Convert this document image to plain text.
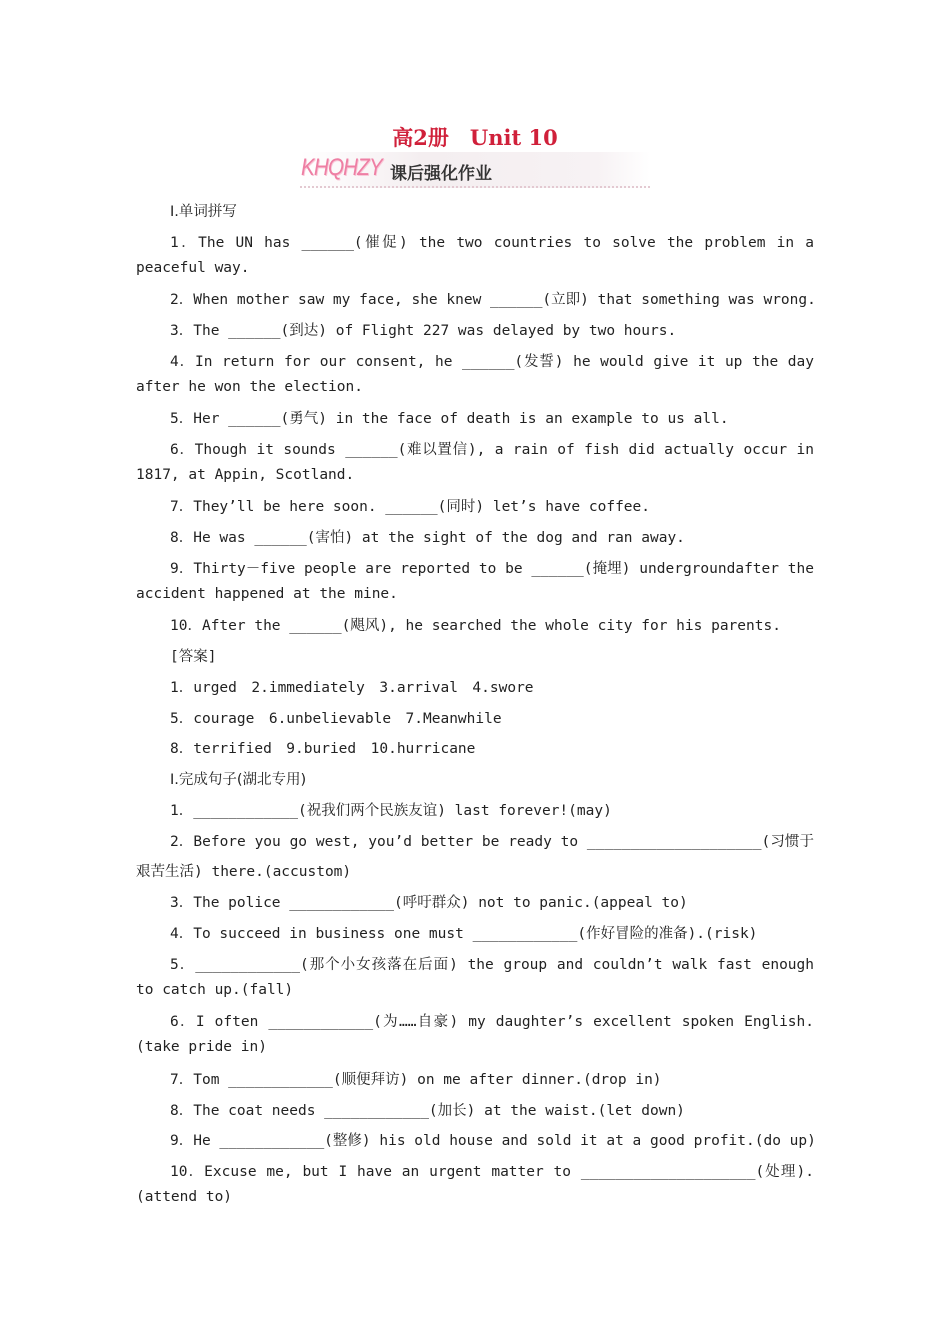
高2册　Unit 10
KHQHZY 课后强化作业
Ⅰ.单词拼写
1．The UN has ______(催促) the two countries to solve the problem in a
peaceful way.
2．When mother saw my face, she knew ______(立即) that something was wrong.
3．The ______(到达) of Flight 227 was delayed by two hours.
4．In return for our consent, he ______(发誓) he would give it up the day
after he won the election.
5．Her ______(勇气) in the face of death is an example to us all.
6．Though it sounds ______(难以置信), a rain of fish did actually occur in
1817, at Appin, Scotland.
7．They’ll be here soon. ______(同时) let’s have coffee.
8．He was ______(害怕) at the sight of the dog and ran away.
9．Thirty－five people are reported to be ______(掩埋) undergroundafter the
accident happened at the mine.
10．After the ______(飓风), he searched the whole city for his parents.
[答案]
1．urged　2.immediately　3.arrival　4.swore
5．courage　6.unbelievable　7.Meanwhile
8．terrified　9.buried　10.hurricane
Ⅰ.完成句子(湖北专用)
1．____________(祝我们两个民族友谊) last forever!(may)
2．Before you go west, you’d better be ready to ____________________(习惯于
艰苦生活) there.(accustom)
3．The police ____________(呼吁群众) not to panic.(appeal to)
4．To succeed in business one must ____________(作好冒险的准备).(risk)
5．____________(那个小女孩落在后面) the group and couldn’t walk fast enough
to catch up.(fall)
6．I often ____________(为……自豪) my daughter’s excellent spoken English.
(take pride in)
7．Tom ____________(顺便拜访) on me after dinner.(drop in)
8．The coat needs ____________(加长) at the waist.(let down)
9．He ____________(整修) his old house and sold it at a good profit.(do up)
10．Excuse me, but I have an urgent matter to ____________________(处理).
(attend to)
